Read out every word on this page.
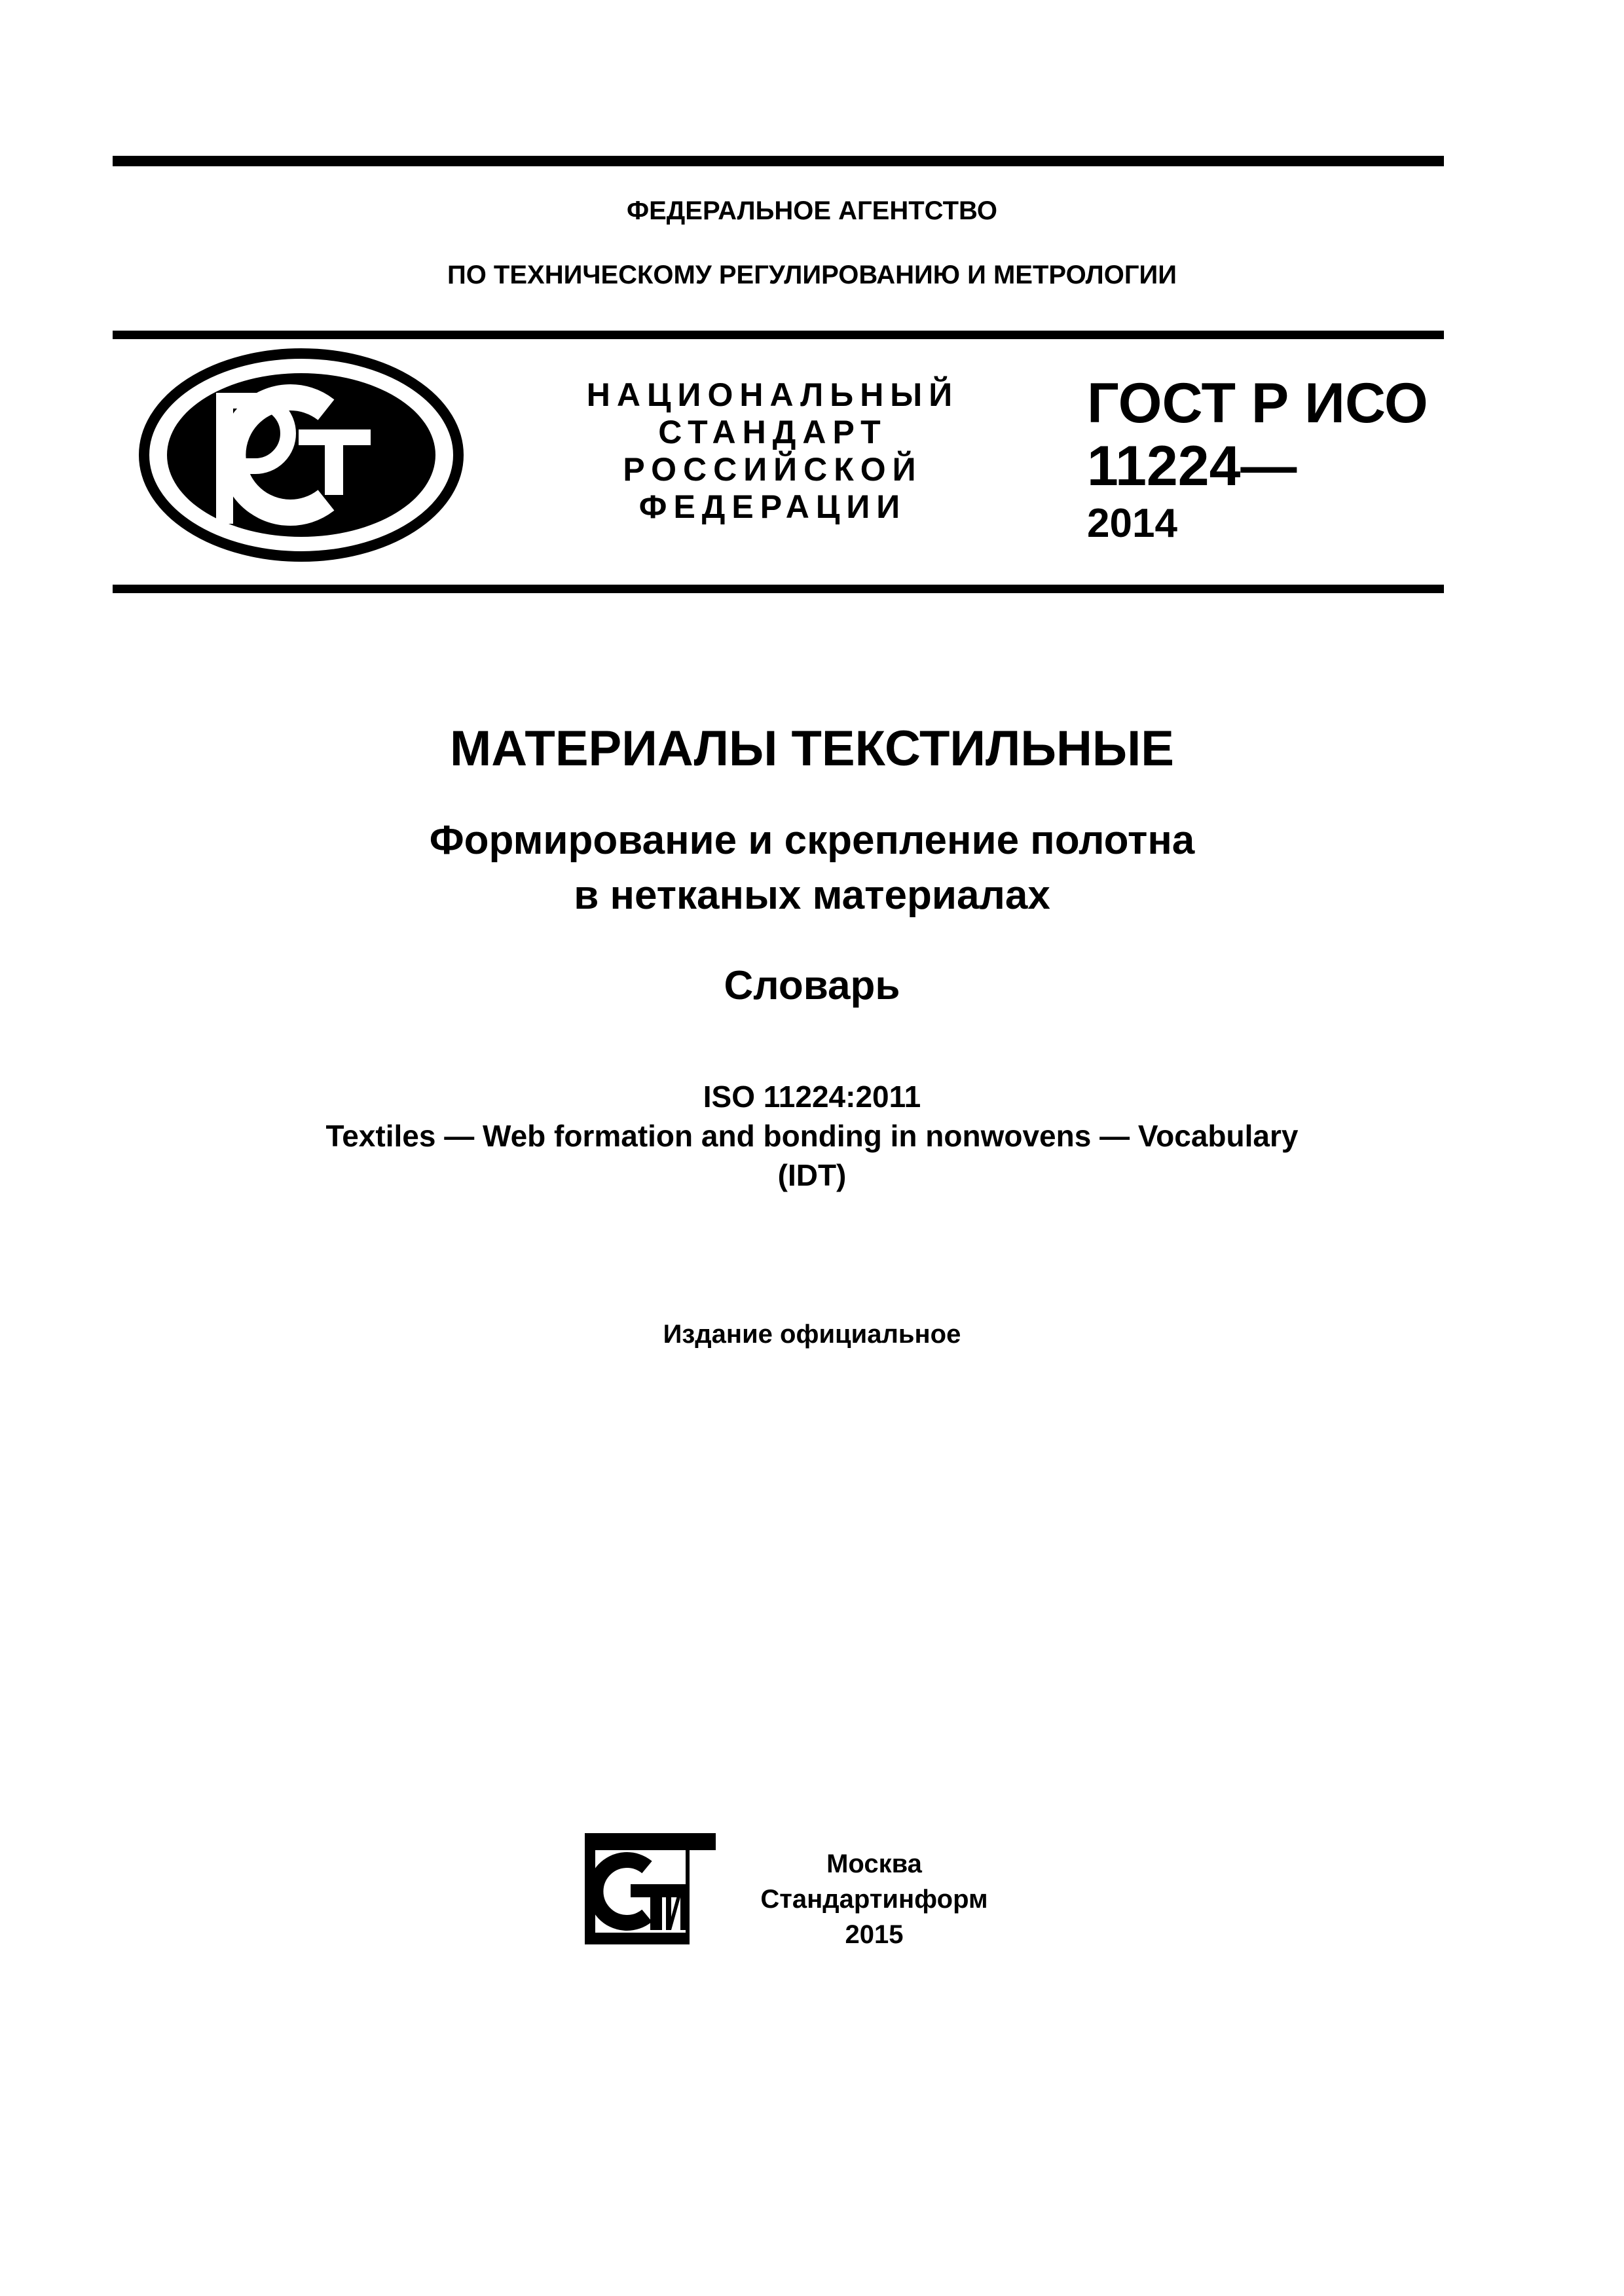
ФЕДЕРАЛЬНОЕ АГЕНТСТВО
ПО ТЕХНИЧЕСКОМУ РЕГУЛИРОВАНИЮ И МЕТРОЛОГИИ
НАЦИОНАЛЬНЫЙ
СТАНДАРТ
РОССИЙСКОЙ
ФЕДЕРАЦИИ
ГОСТ Р ИСО
11224—
2014
МАТЕРИАЛЫ ТЕКСТИЛЬНЫЕ
Формирование и скрепление полотна
в нетканых материалах
Словарь
ISO 11224:2011
Textiles — Web formation and bonding in nonwovens — Vocabulary
(IDT)
Издание официальное
Москва
Стандартинформ
2015
